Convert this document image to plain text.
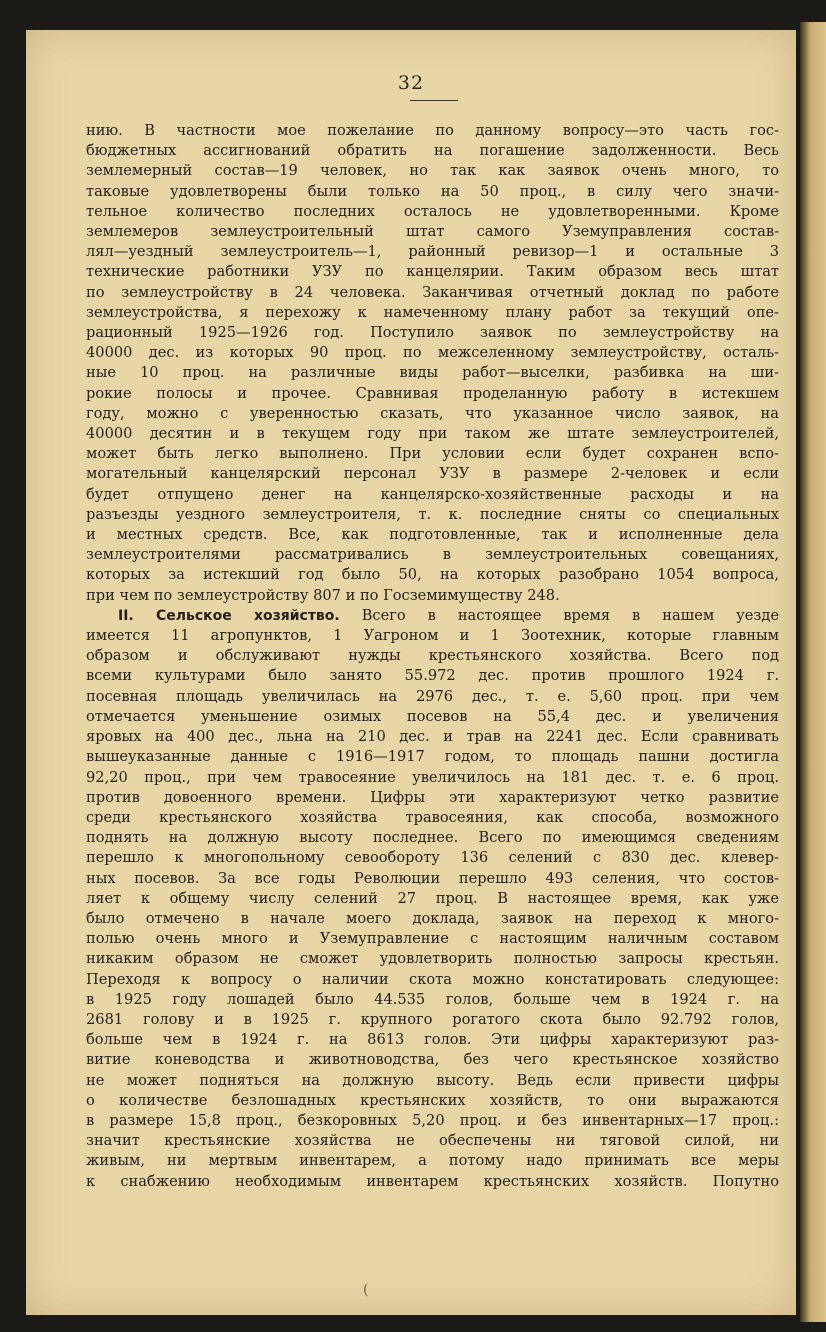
32
нию. В частности мое пожелание по данному вопросу—это часть гос-
бюджетных ассигнований обратить на погашение задолженности. Весь
землемерный состав—19 человек, но так как заявок очень много, то
таковые удовлетворены были только на 50 проц., в силу чего значи-
тельное количество последних осталось не удовлетворенными. Кроме
землемеров землеустроительный штат самого Уземуправления состав-
лял—уездный землеустроитель—1, районный ревизор—1 и остальные 3
технические работники УЗУ по канцелярии. Таким образом весь штат
по землеустройству в 24 человека. Заканчивая отчетный доклад по работе
землеустройства, я перехожу к намеченному плану работ за текущий опе-
рационный 1925—1926 год. Поступило заявок по землеустройству на
40000 дес. из которых 90 проц. по межселенному землеустройству, осталь-
ные 10 проц. на различные виды работ—выселки, разбивка на ши-
рокие полосы и прочее. Сравнивая проделанную работу в истекшем
году, можно с уверенностью сказать, что указанное число заявок, на
40000 десятин и в текущем году при таком же штате землеустроителей,
может быть легко выполнено. При условии если будет сохранен вспо-
могательный канцелярский персонал УЗУ в размере 2-человек и если
будет отпущено денег на канцелярско-хозяйственные расходы и на
разъезды уездного землеустроителя, т. к. последние сняты со специальных
и местных средств. Все, как подготовленные, так и исполненные дела
землеустроителями рассматривались в землеустроительных совещаниях,
которых за истекший год было 50, на которых разобрано 1054 вопроса,
при чем по землеустройству 807 и по Госземимуществу 248.
II. Сельское хозяйство. Всего в настоящее время в нашем уезде
имеется 11 агропунктов, 1 Уагроном и 1 Зоотехник, которые главным
образом и обслуживают нужды крестьянского хозяйства. Всего под
всеми культурами было занято 55.972 дес. против прошлого 1924 г.
посевная площадь увеличилась на 2976 дес., т. е. 5,60 проц. при чем
отмечается уменьшение озимых посевов на 55,4 дес. и увеличения
яровых на 400 дес., льна на 210 дес. и трав на 2241 дес. Если сравнивать
вышеуказанные данные с 1916—1917 годом, то площадь пашни достигла
92,20 проц., при чем травосеяние увеличилось на 181 дес. т. е. 6 проц.
против довоенного времени. Цифры эти характеризуют четко развитие
среди крестьянского хозяйства травосеяния, как способа, возможного
поднять на должную высоту последнее. Всего по имеющимся сведениям
перешло к многопольному севообороту 136 селений с 830 дес. клевер-
ных посевов. За все годы Революции перешло 493 селения, что состов-
ляет к общему числу селений 27 проц. В настоящее время, как уже
было отмечено в начале моего доклада, заявок на переход к много-
полью очень много и Уземуправление с настоящим наличным составом
никаким образом не сможет удовлетворить полностью запросы крестьян.
Переходя к вопросу о наличии скота можно констатировать следующее:
в 1925 году лошадей было 44.535 голов, больше чем в 1924 г. на
2681 голову и в 1925 г. крупного рогатого скота было 92.792 голов,
больше чем в 1924 г. на 8613 голов. Эти цифры характеризуют раз-
витие коневодства и животноводства, без чего крестьянское хозяйство
не может подняться на должную высоту. Ведь если привести цифры
о количестве безлошадных крестьянских хозяйств, то они выражаются
в размере 15,8 проц., безкоровных 5,20 проц. и без инвентарных—17 проц.:
значит крестьянские хозяйства не обеспечены ни тяговой силой, ни
живым, ни мертвым инвентарем, а потому надо принимать все меры
к снабжению необходимым инвентарем крестьянских хозяйств. Попутно
(
